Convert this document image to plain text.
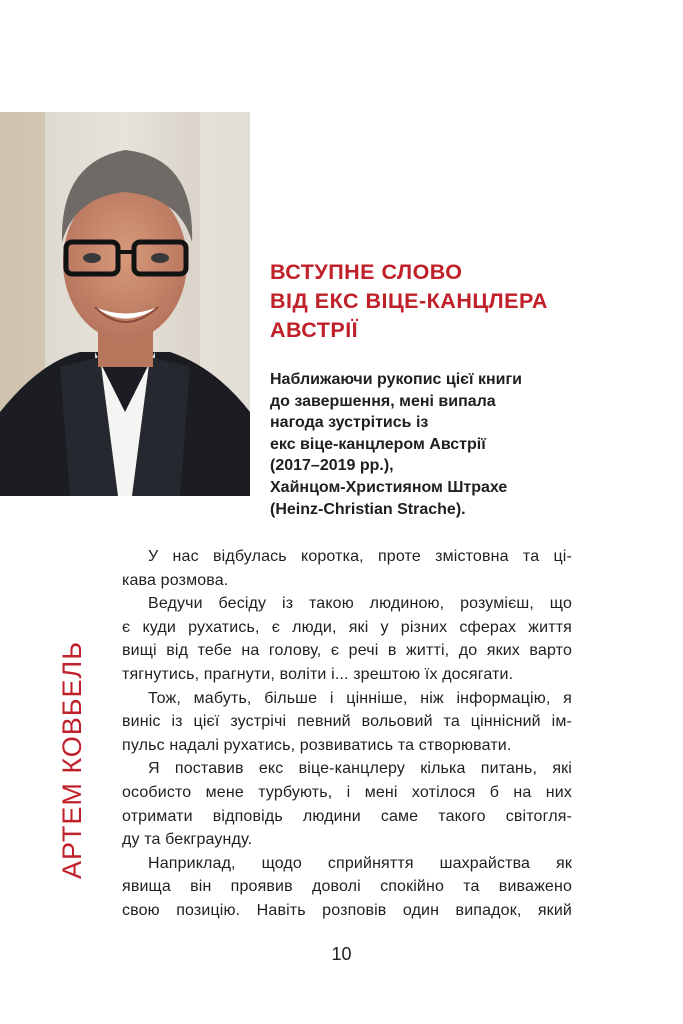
ВСТУПНЕ СЛОВО
ВІД ЕКС ВІЦЕ-КАНЦЛЕРА
АВСТРІЇ
Наближаючи рукопис цієї книги
до завершення, мені випала
нагода зустрітись із
екс віце-канцлером Австрії
(2017–2019 рр.),
Хайнцом-Християном Штрахе
(Heinz-Christian Strache).
АРТЕМ КОВБЕЛЬ
У нас відбулась коротка, проте змістовна та ці-
кава розмова.
Ведучи бесіду із такою людиною, розумієш, що
є куди рухатись, є люди, які у різних сферах життя
вищі від тебе на голову, є речі в житті, до яких варто
тягнутись, прагнути, воліти і... зрештою їх досягати.
Тож, мабуть, більше і цінніше, ніж інформацію, я
виніс із цієї зустрічі певний вольовий та ціннісний ім-
пульс надалі рухатись, розвиватись та створювати.
Я поставив екс віце-канцлеру кілька питань, які
особисто мене турбують, і мені хотілося б на них
отримати відповідь людини саме такого світогля-
ду та бекграунду.
Наприклад, щодо сприйняття шахрайства як
явища він проявив доволі спокійно та виважено
свою позицію. Навіть розповів один випадок, який
10
